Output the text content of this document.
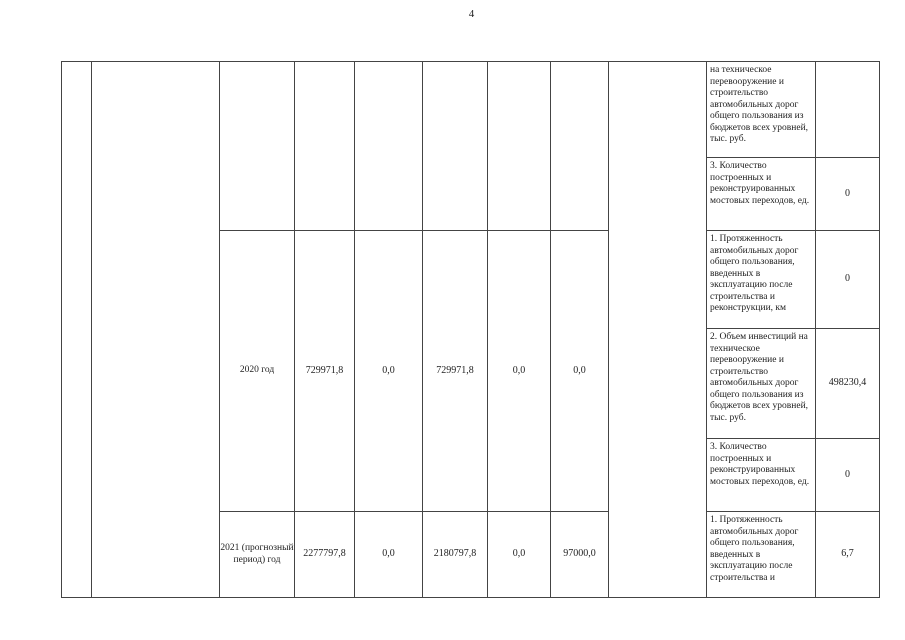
4
									на техническое перевооружение и строительство автомобильных дорог общего пользования из бюджетов всех уровней, тыс. руб.	
									3. Количество построенных и реконструированных мостовых переходов, ед.	0
		2020 год	729971,8	0,0	729971,8	0,0	0,0		1. Протяженность автомобильных дорог общего пользования, введенных в эксплуатацию после строительства и реконструкции, км	0
									2. Объем инвестиций на техническое перевооружение и строительство автомобильных дорог общего пользования из бюджетов всех уровней, тыс. руб.	498230,4
									3. Количество построенных и реконструированных мостовых переходов, ед.	0
		2021 (прогнозный период) год	2277797,8	0,0	2180797,8	0,0	97000,0		1. Протяженность автомобильных дорог общего пользования, введенных в эксплуатацию после строительства и	6,7
